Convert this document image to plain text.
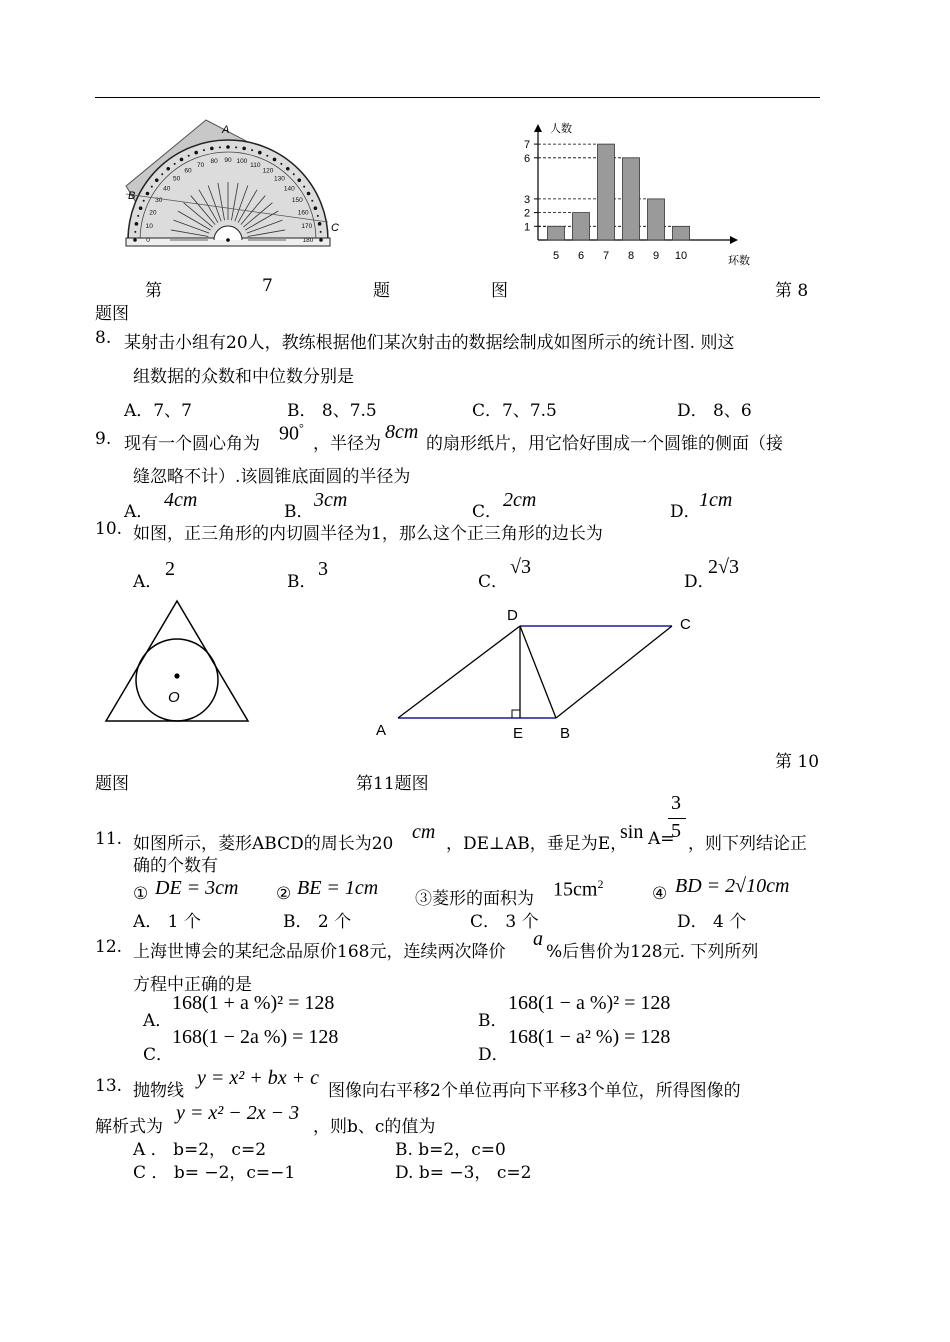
0
10
20
30
40
50
60
70
80 90 100
110
120
130
140
150
160
170
180
A
B
C
人数
环数
1
2
3
6
7
5 6 7 8 9 10
第	7	题	图	第 8
题图
8. 某射击小组有20人，教练根据他们某次射击的数据绘制成如图所示的统计图. 则这
组数据的众数和中位数分别是
A．7、7	B． 8、7.5	C．7、7.5	D． 8、6
9. 现有一个圆心角为 90°
，半径为
8cm
的扇形纸片，用它恰好围成一个圆锥的侧面（接
缝忽略不计）.该圆锥底面圆的半径为
A．
4cm
B．
3cm
C．
2cm
D．
1cm
10. 如图，正三角形的内切圆半径为1，那么这个正三角形的边长为
A．
2
B．
3
C．
√3
D．
2√3
O
D
C
A	E B
第 10
题图	第11题图
3
5
11. 如图所示，菱形ABCD的周长为20
cm
，DE⊥AB，垂足为E，
sin A= ，则下列结论正
确的个数有
① DE = 3cm ② BE = 1cm ③菱形的面积为 $15cm^2$	④ BD = 2√10cm
A． 1 个	B． 2 个	C． 3 个	D． 4 个
12. 上海世博会的某纪念品原价168元，连续两次降价
a
%后售价为128元. 下列所列
方程中正确的是
A．
168(1 + a %)² = 128
B．
168(1 − a %)² = 128
C．
168(1 − 2a %) = 128
D．
168(1 − a² %) = 128
13. 抛物线
y = x² + bx + c
图像向右平移2个单位再向下平移3个单位，所得图像的
解析式为
y = x² − 2x − 3
，则b、c的值为
A ． b=2， c=2	B. b=2，c=0
C ． b= −2，c=−1	D. b= −3， c=2
